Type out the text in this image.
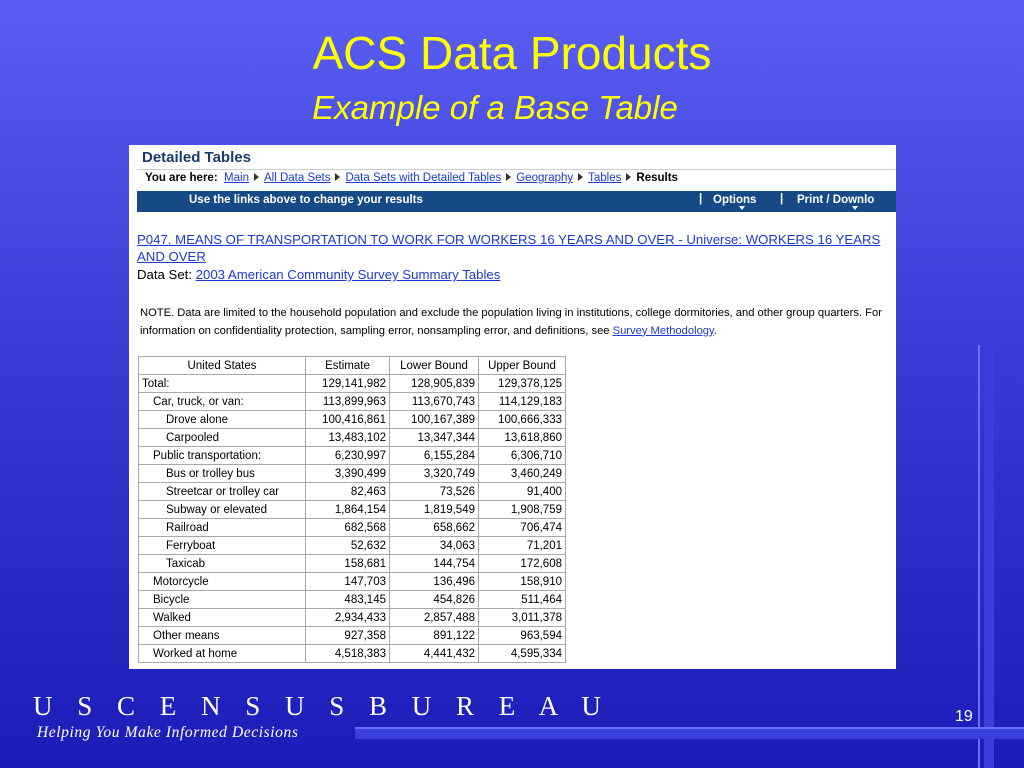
ACS Data Products
Example of a Base Table
Detailed Tables
You are here: Main All Data Sets Data Sets with Detailed Tables Geography Tables Results
Use the links above to change your results	| Options | Print / Downlo
P047. MEANS OF TRANSPORTATION TO WORK FOR WORKERS 16 YEARS AND OVER - Universe: WORKERS 16 YEARS AND OVER
Data Set: 2003 American Community Survey Summary Tables
NOTE. Data are limited to the household population and exclude the population living in institutions, college dormitories, and other group quarters. For information on confidentiality protection, sampling error, nonsampling error, and definitions, see Survey Methodology.
United States	Estimate	Lower Bound	Upper Bound
Total:	129,141,982	128,905,839	129,378,125
Car, truck, or van:	113,899,963	113,670,743	114,129,183
Drove alone	100,416,861	100,167,389	100,666,333
Carpooled	13,483,102	13,347,344	13,618,860
Public transportation:	6,230,997	6,155,284	6,306,710
Bus or trolley bus	3,390,499	3,320,749	3,460,249
Streetcar or trolley car	82,463	73,526	91,400
Subway or elevated	1,864,154	1,819,549	1,908,759
Railroad	682,568	658,662	706,474
Ferryboat	52,632	34,063	71,201
Taxicab	158,681	144,754	172,608
Motorcycle	147,703	136,496	158,910
Bicycle	483,145	454,826	511,464
Walked	2,934,433	2,857,488	3,011,378
Other means	927,358	891,122	963,594
Worked at home	4,518,383	4,441,432	4,595,334
U S C E N S U S B U R E A U
Helping You Make Informed Decisions
19
